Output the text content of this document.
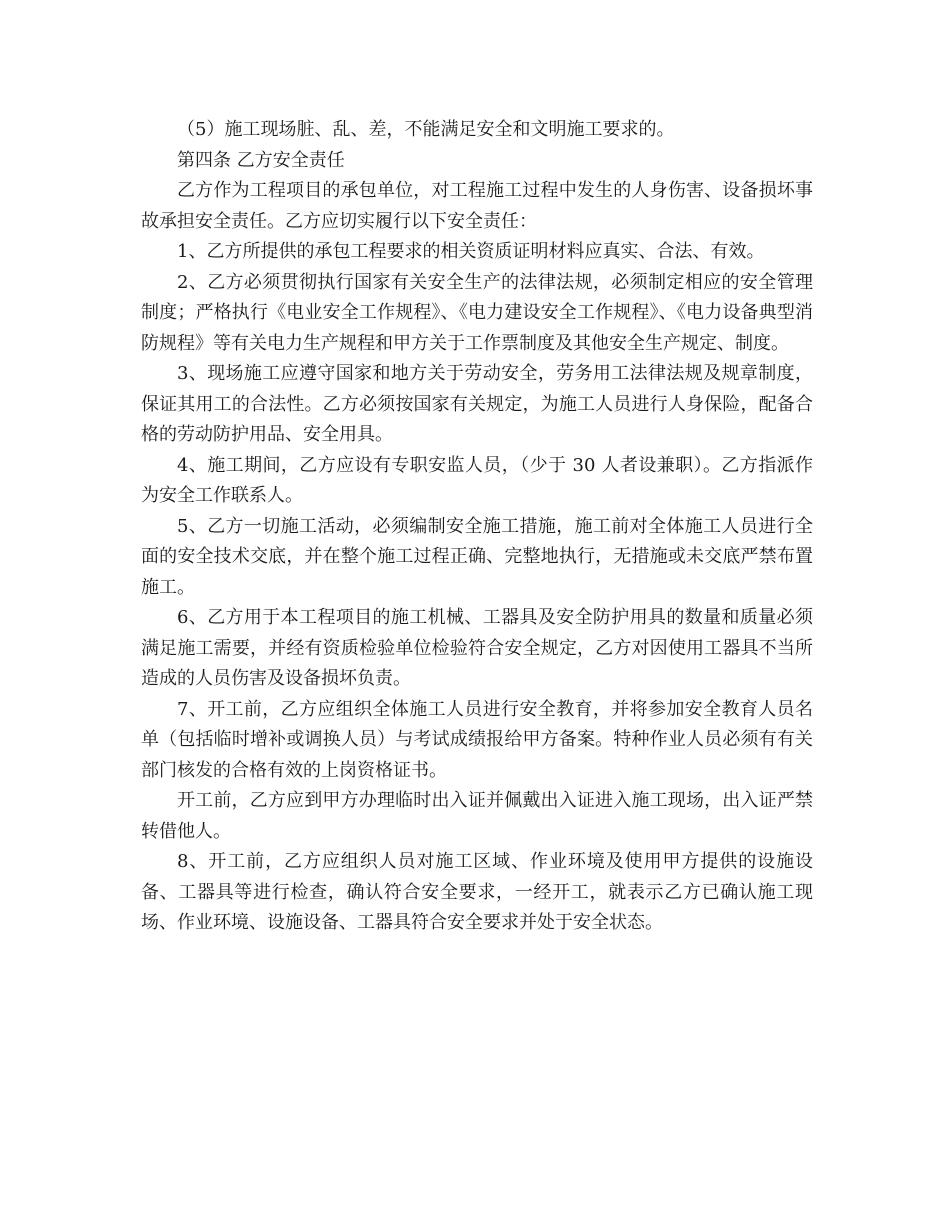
（5）施工现场脏、乱、差，不能满足安全和文明施工要求的。

第四条 乙方安全责任

乙方作为工程项目的承包单位，对工程施工过程中发生的人身伤害、设备损坏事故承担安全责任。乙方应切实履行以下安全责任：

1、乙方所提供的承包工程要求的相关资质证明材料应真实、合法、有效。

2、乙方必须贯彻执行国家有关安全生产的法律法规，必须制定相应的安全管理制度；严格执行《电业安全工作规程》、《电力建设安全工作规程》、《电力设备典型消防规程》等有关电力生产规程和甲方关于工作票制度及其他安全生产规定、制度。

3、现场施工应遵守国家和地方关于劳动安全，劳务用工法律法规及规章制度，保证其用工的合法性。乙方必须按国家有关规定，为施工人员进行人身保险，配备合格的劳动防护用品、安全用具。

4、施工期间，乙方应设有专职安监人员，（少于 30 人者设兼职）。乙方指派作为安全工作联系人。

5、乙方一切施工活动，必须编制安全施工措施，施工前对全体施工人员进行全面的安全技术交底，并在整个施工过程正确、完整地执行，无措施或未交底严禁布置施工。

6、乙方用于本工程项目的施工机械、工器具及安全防护用具的数量和质量必须满足施工需要，并经有资质检验单位检验符合安全规定，乙方对因使用工器具不当所造成的人员伤害及设备损坏负责。

7、开工前，乙方应组织全体施工人员进行安全教育，并将参加安全教育人员名单（包括临时增补或调换人员）与考试成绩报给甲方备案。特种作业人员必须有有关部门核发的合格有效的上岗资格证书。

开工前，乙方应到甲方办理临时出入证并佩戴出入证进入施工现场，出入证严禁转借他人。

8、开工前，乙方应组织人员对施工区域、作业环境及使用甲方提供的设施设备、工器具等进行检查，确认符合安全要求，一经开工，就表示乙方已确认施工现场、作业环境、设施设备、工器具符合安全要求并处于安全状态。
